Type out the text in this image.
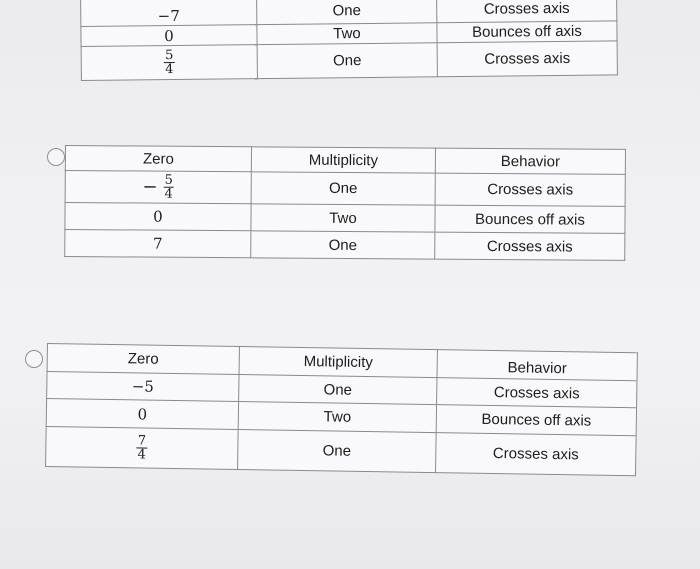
−7	One	Crosses axis
0	Two	Bounces off axis

$\frac{5}{4}$	One	Crosses axis
Zero	Multiplicity	Behavior
− $\frac{5}{4}$	One	Crosses axis
0	Two	Bounces off axis
7	One	Crosses axis
Zero	Multiplicity	Behavior
−5	One	Crosses axis
0	Two	Bounces off axis

$\frac{7}{4}$	One	Crosses axis
